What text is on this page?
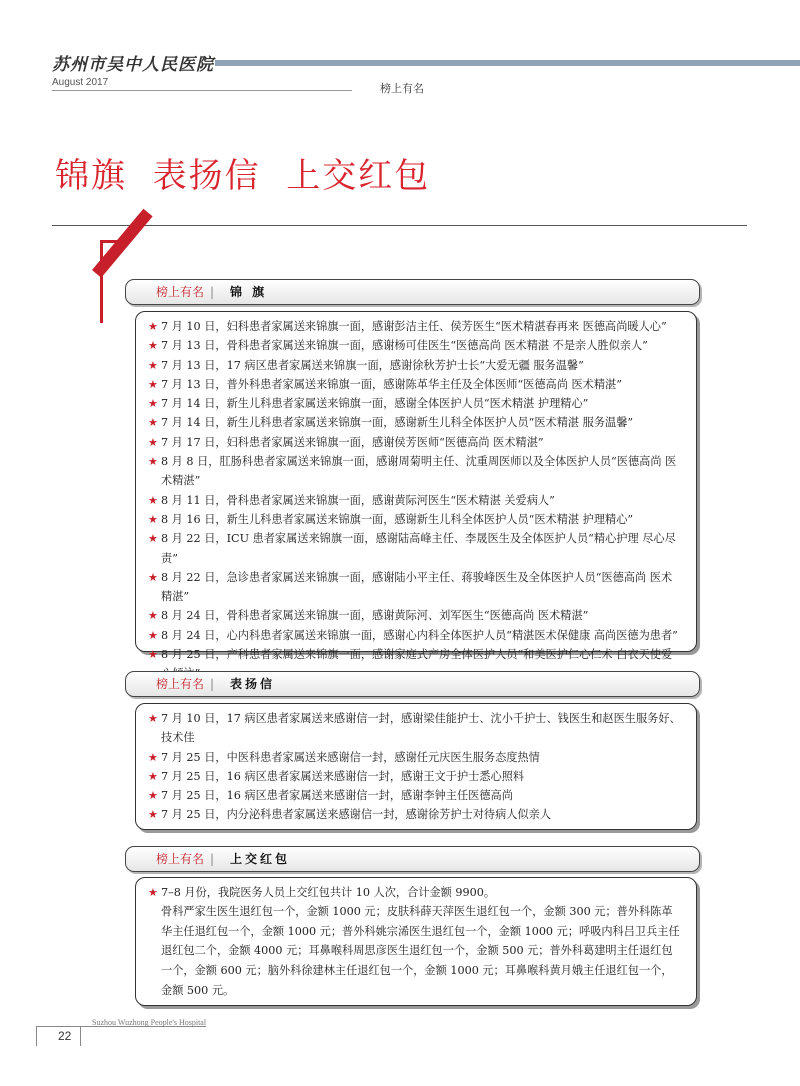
苏州市吴中人民医院
August 2017	榜上有名
锦旗  表扬信  上交红包
榜上有名 | 锦 旗
★ 7 月 10 日，妇科患者家属送来锦旗一面，感谢彭洁主任、侯芳医生“医术精湛春再来 医德高尚暖人心”
★ 7 月 13 日，骨科患者家属送来锦旗一面，感谢杨可佳医生“医德高尚 医术精湛 不是亲人胜似亲人”
★ 7 月 13 日，17 病区患者家属送来锦旗一面，感谢徐秋芳护士长“大爱无疆 服务温馨”
★ 7 月 13 日，普外科患者家属送来锦旗一面，感谢陈革华主任及全体医师“医德高尚 医术精湛”
★ 7 月 14 日，新生儿科患者家属送来锦旗一面，感谢全体医护人员“医术精湛 护理精心”
★ 7 月 14 日，新生儿科患者家属送来锦旗一面，感谢新生儿科全体医护人员“医术精湛 服务温馨”
★ 7 月 17 日，妇科患者家属送来锦旗一面，感谢侯芳医师“医德高尚 医术精湛”
★ 8 月 8 日，肛肠科患者家属送来锦旗一面，感谢周菊明主任、沈重周医师以及全体医护人员“医德高尚 医术精湛”
★ 8 月 11 日，骨科患者家属送来锦旗一面，感谢黄际河医生“医术精湛 关爱病人”
★ 8 月 16 日，新生儿科患者家属送来锦旗一面，感谢新生儿科全体医护人员“医术精湛 护理精心”
★ 8 月 22 日，ICU 患者家属送来锦旗一面，感谢陆高峰主任、李晟医生及全体医护人员“精心护理 尽心尽责”
★ 8 月 22 日，急诊患者家属送来锦旗一面，感谢陆小平主任、蒋骏峰医生及全体医护人员“医德高尚 医术精湛”
★ 8 月 24 日，骨科患者家属送来锦旗一面，感谢黄际河、刘军医生“医德高尚 医术精湛”
★ 8 月 24 日，心内科患者家属送来锦旗一面，感谢心内科全体医护人员“精湛医术保健康 高尚医德为患者”
★ 8 月 25 日，产科患者家属送来锦旗一面，感谢家庭式产房全体医护人员“和美医护仁心仁术 白衣天使爱
榜上有名 | 表扬信
★ 7 月 10 日，17 病区患者家属送来感谢信一封，感谢梁佳能护士、沈小千护士、钱医生和赵医生服务好、技术佳
★ 7 月 25 日，中医科患者家属送来感谢信一封，感谢任元庆医生服务态度热情
★ 7 月 25 日，16 病区患者家属送来感谢信一封，感谢王文于护士悉心照料
★ 7 月 25 日，16 病区患者家属送来感谢信一封，感谢李钟主任医德高尚
★ 7 月 25 日，内分泌科患者家属送来感谢信一封，感谢徐芳护士对待病人似亲人
榜上有名 | 上交红包
★ 7–8 月份，我院医务人员上交红包共计 10 人次，合计金额 9900。
骨科严家生医生退红包一个，金额 1000 元；皮肤科薛天萍医生退红包一个，金额 300 元；普外科陈革华主任退红包一个，金额 1000 元；普外科姚宗浠医生退红包一个，金额 1000 元；呼吸内科吕卫兵主任退红包二个，金额 4000 元；耳鼻喉科周思彦医生退红包一个，金额 500 元；普外科葛建明主任退红包一个，金额 600 元；脑外科徐建林主任退红包一个，金额 1000 元；耳鼻喉科黄月娥主任退红包一个，金额 500 元。
22
Suzhou Wuzhong People's Hospital
